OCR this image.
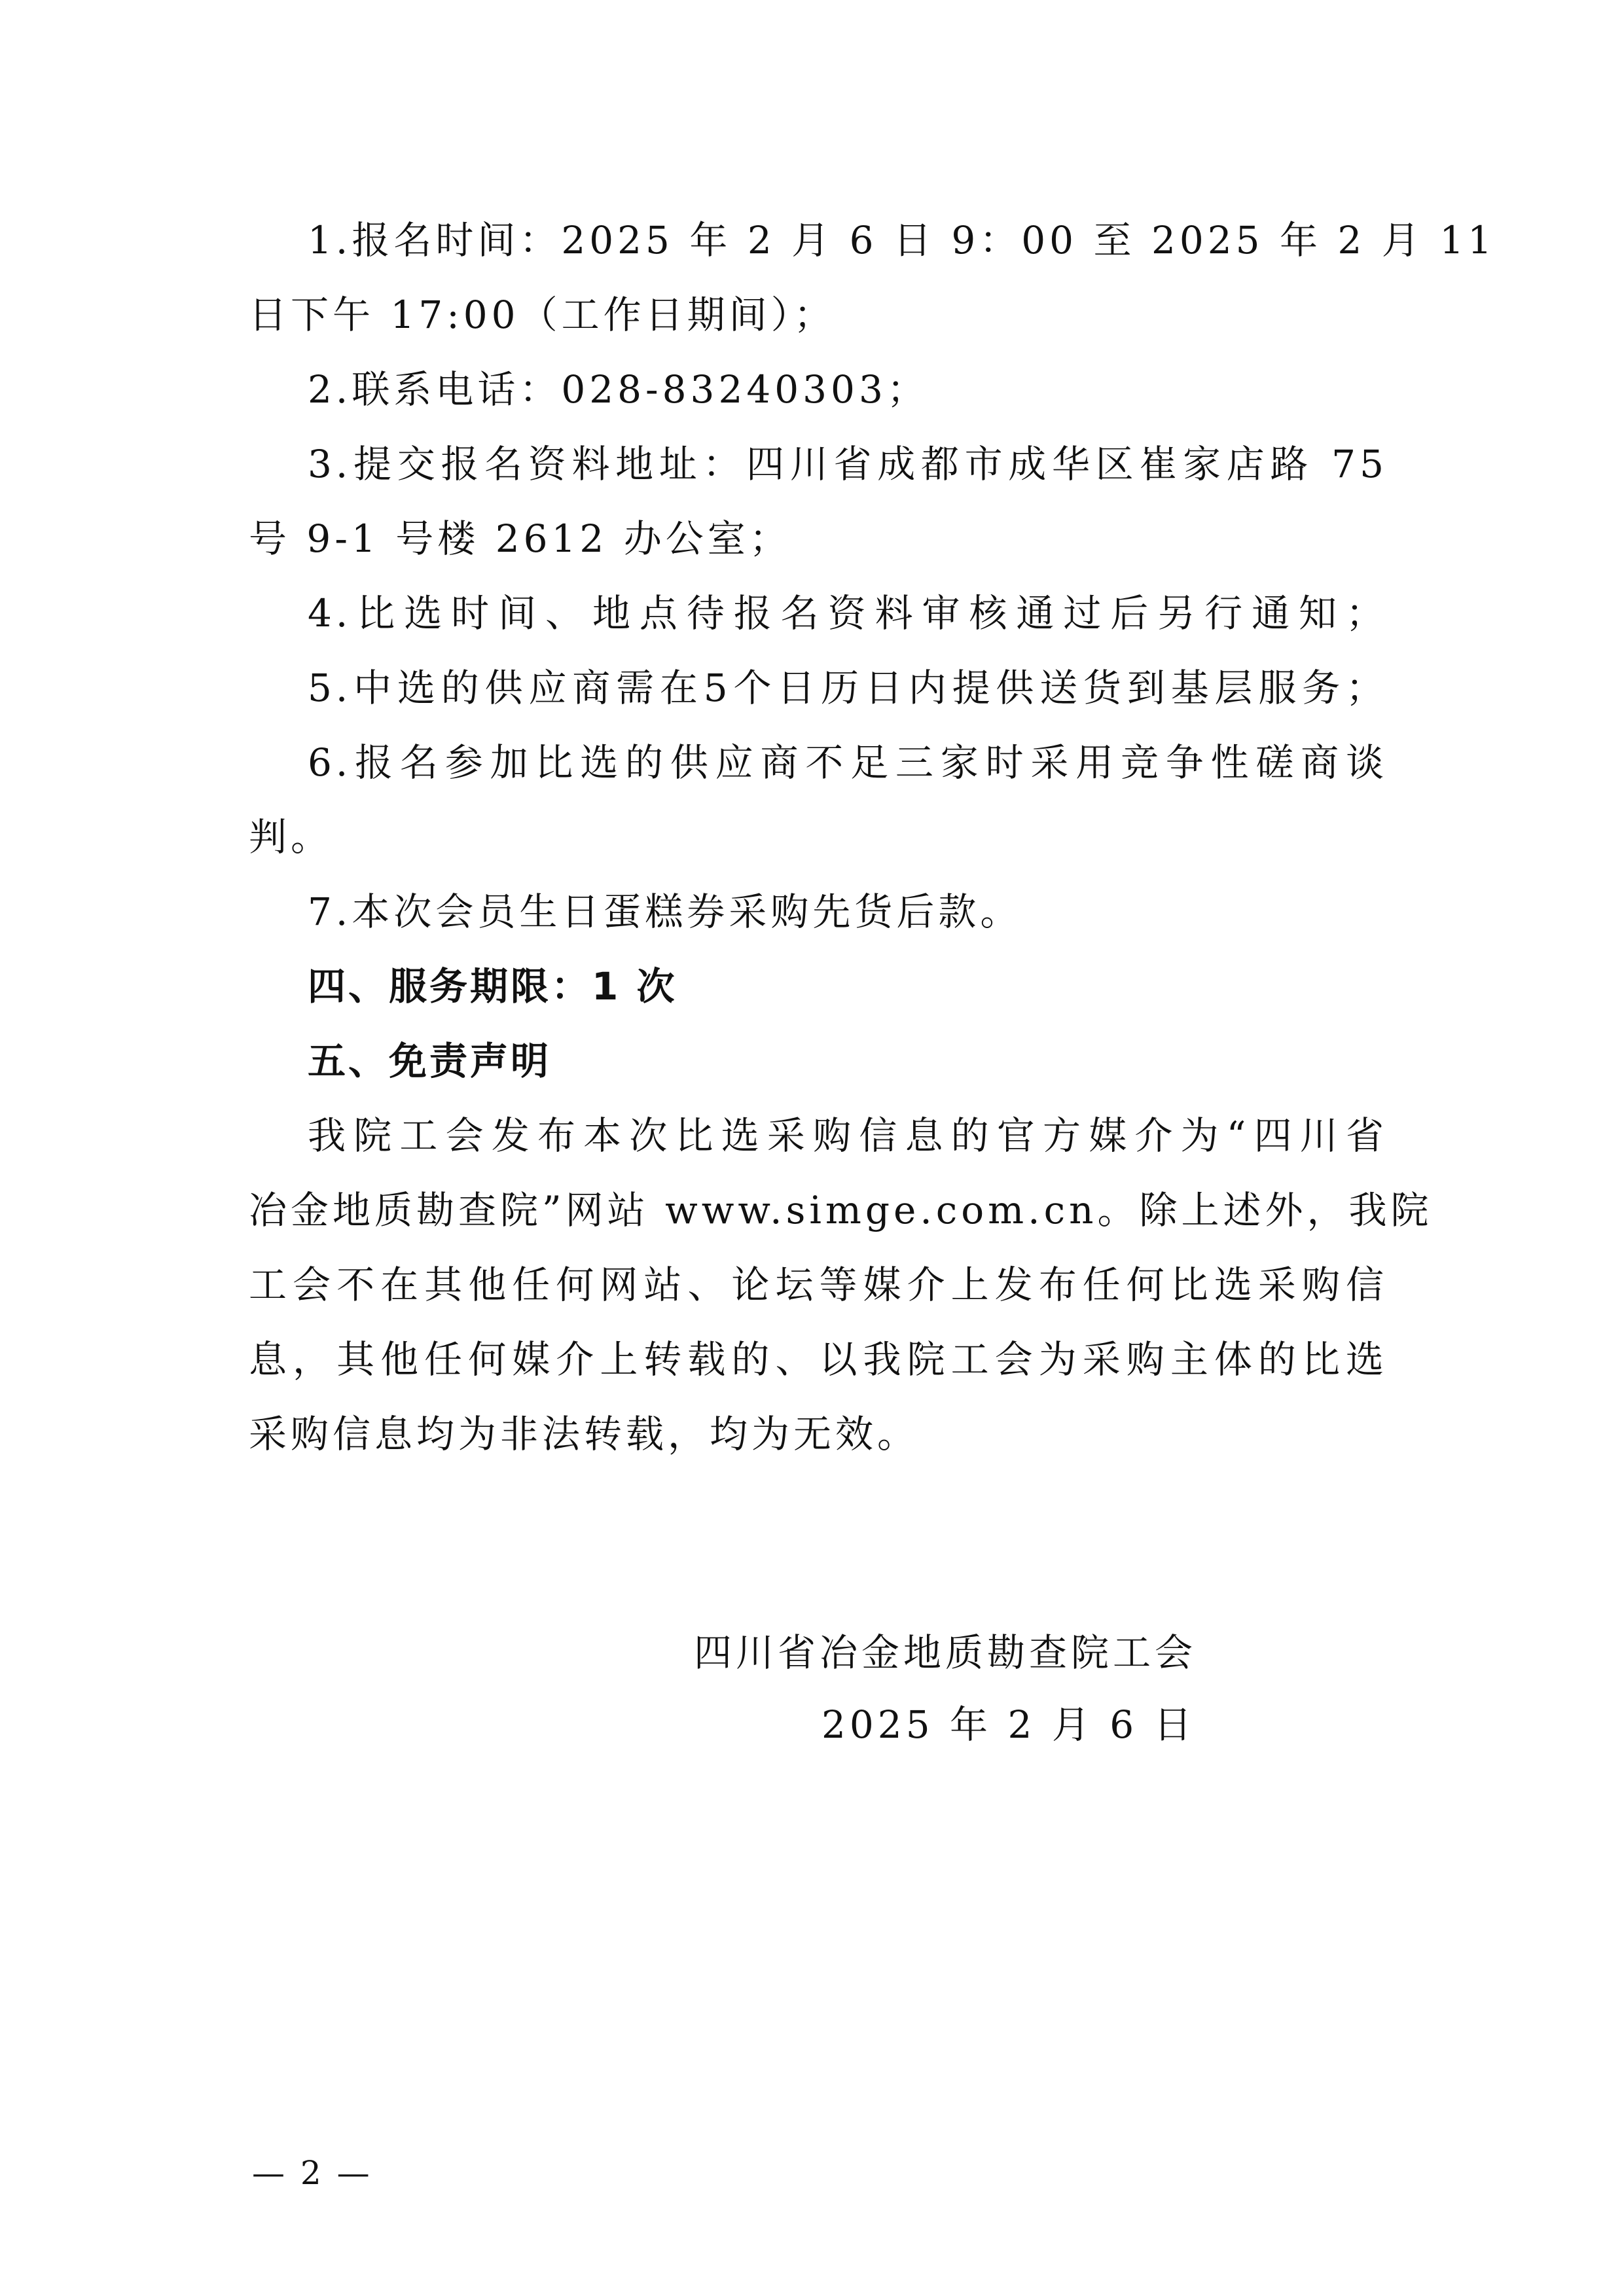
1.报名时间：2025 年 2 月 6 日 9：00 至 2025 年 2 月 11
日下午 17:00（工作日期间）；
2.联系电话：028-83240303；
3.提交报名资料地址：四川省成都市成华区崔家店路 75
号 9-1 号楼 2612 办公室；
4.比选时间、地点待报名资料审核通过后另行通知；
5.中选的供应商需在5个日历日内提供送货到基层服务；
6.报名参加比选的供应商不足三家时采用竞争性磋商谈
判。
7.本次会员生日蛋糕券采购先货后款。
四、服务期限：1 次
五、免责声明
我院工会发布本次比选采购信息的官方媒介为“四川省
冶金地质勘查院”网站 www.simge.com.cn。除上述外，我院
工会不在其他任何网站、论坛等媒介上发布任何比选采购信
息，其他任何媒介上转载的、以我院工会为采购主体的比选
采购信息均为非法转载，均为无效。
四川省冶金地质勘查院工会
2025 年 2 月 6 日
— 2 —
